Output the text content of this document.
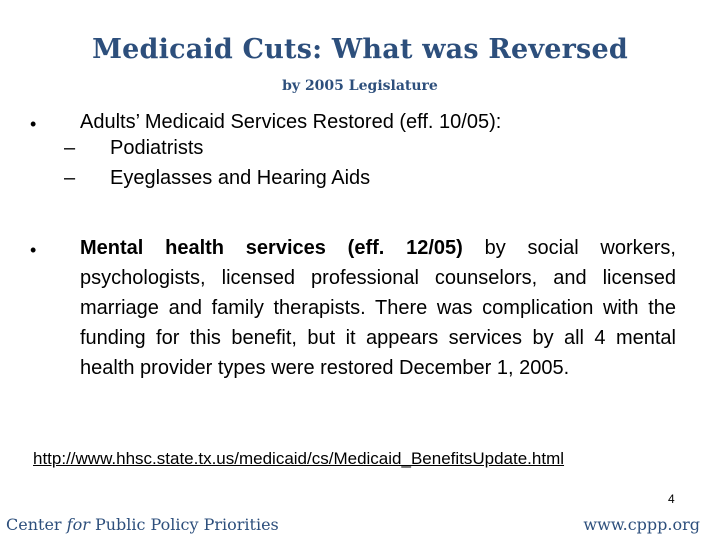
Medicaid Cuts: What was Reversed
by 2005 Legislature
• Adults’ Medicaid Services Restored (eff. 10/05):
– Podiatrists
– Eyeglasses and Hearing Aids
• Mental health services (eff. 12/05) by social workers, psychologists, licensed professional counselors, and licensed marriage and family therapists. There was complication with the funding for this benefit, but it appears services by all 4 mental health provider types were restored December 1, 2005.
http://www.hhsc.state.tx.us/medicaid/cs/Medicaid_BenefitsUpdate.html
4
Center for Public Policy Priorities	www.cppp.org
